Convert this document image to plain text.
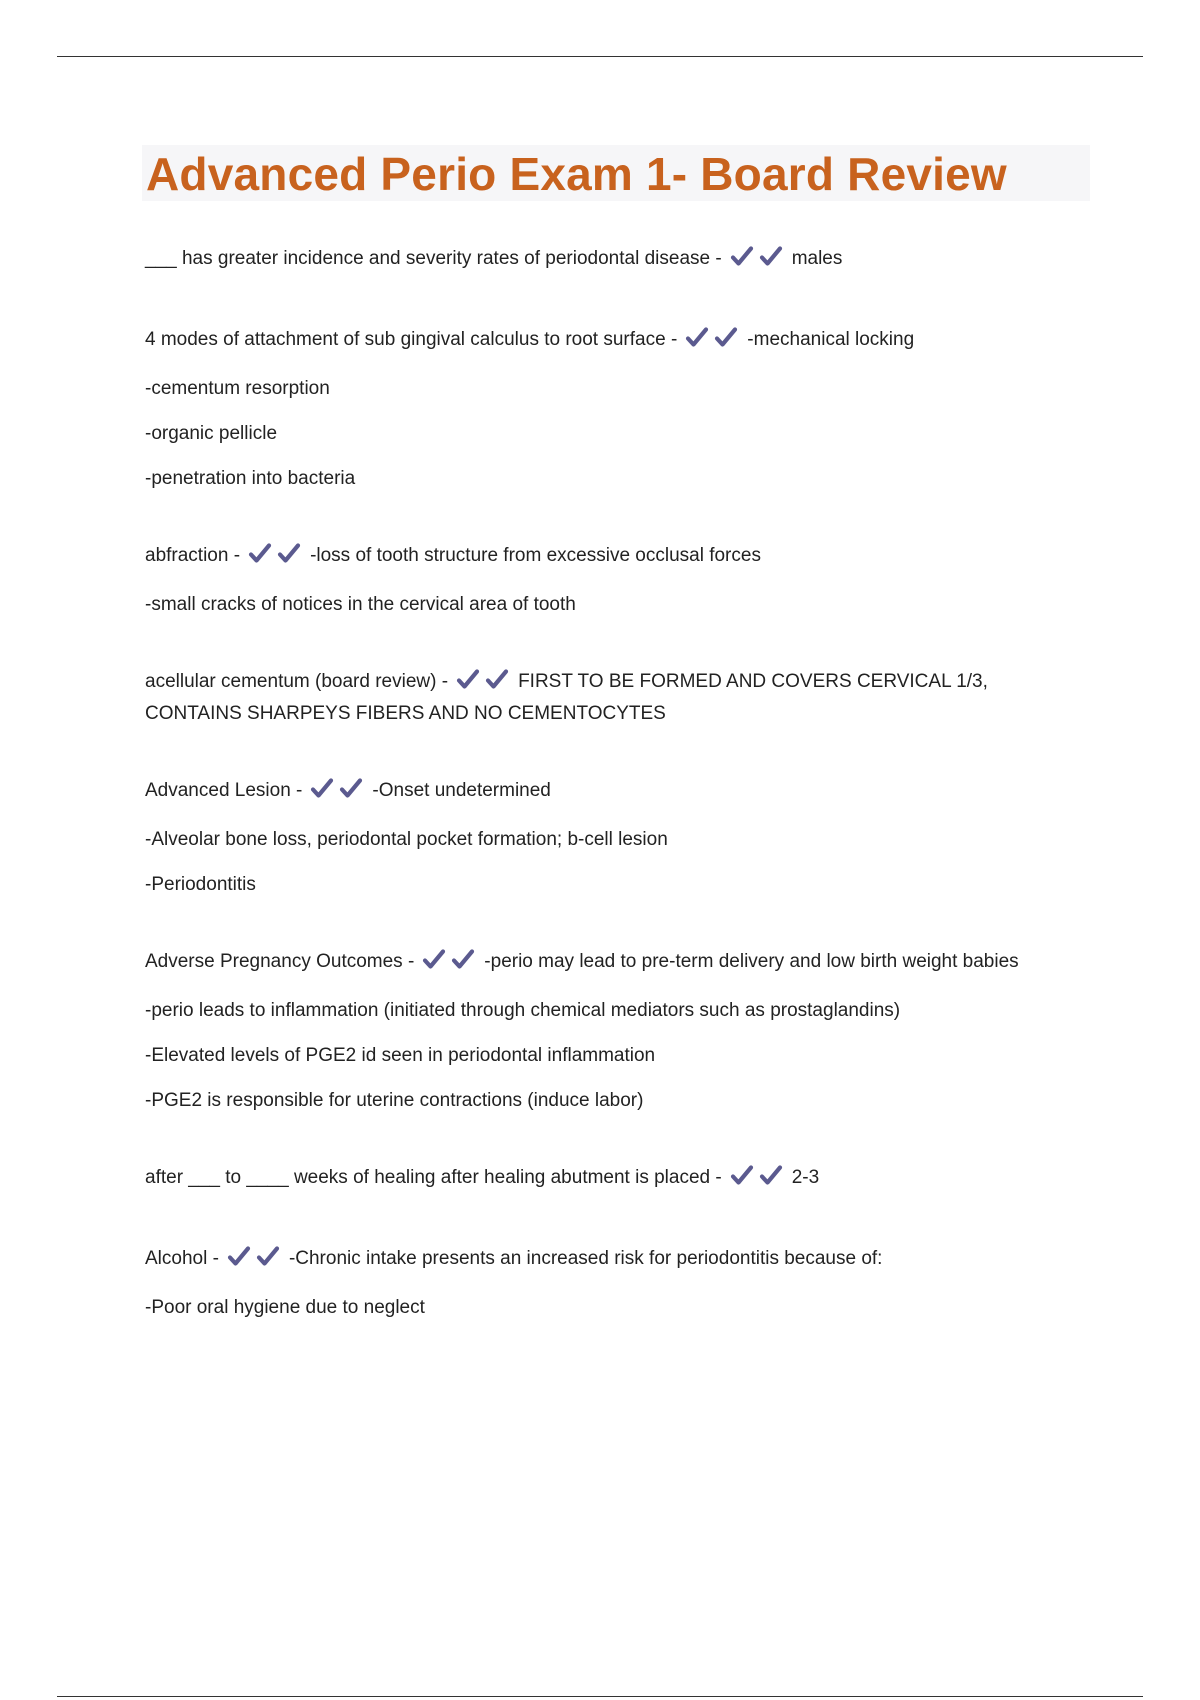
Advanced Perio Exam 1- Board Review
___ has greater incidence and severity rates of periodontal disease -	males
4 modes of attachment of sub gingival calculus to root surface -	-mechanical locking
-cementum resorption
-organic pellicle
-penetration into bacteria
abfraction -	-loss of tooth structure from excessive occlusal forces
-small cracks of notices in the cervical area of tooth
acellular cementum (board review) -	FIRST TO BE FORMED AND COVERS CERVICAL 1/3, CONTAINS SHARPEYS FIBERS AND NO CEMENTOCYTES
Advanced Lesion -	-Onset undetermined
-Alveolar bone loss, periodontal pocket formation; b-cell lesion
-Periodontitis
Adverse Pregnancy Outcomes -	-perio may lead to pre-term delivery and low birth weight babies
-perio leads to inflammation (initiated through chemical mediators such as prostaglandins)
-Elevated levels of PGE2 id seen in periodontal inflammation
-PGE2 is responsible for uterine contractions (induce labor)
after ___ to ____ weeks of healing after healing abutment is placed -	2-3
Alcohol -	-Chronic intake presents an increased risk for periodontitis because of:
-Poor oral hygiene due to neglect
